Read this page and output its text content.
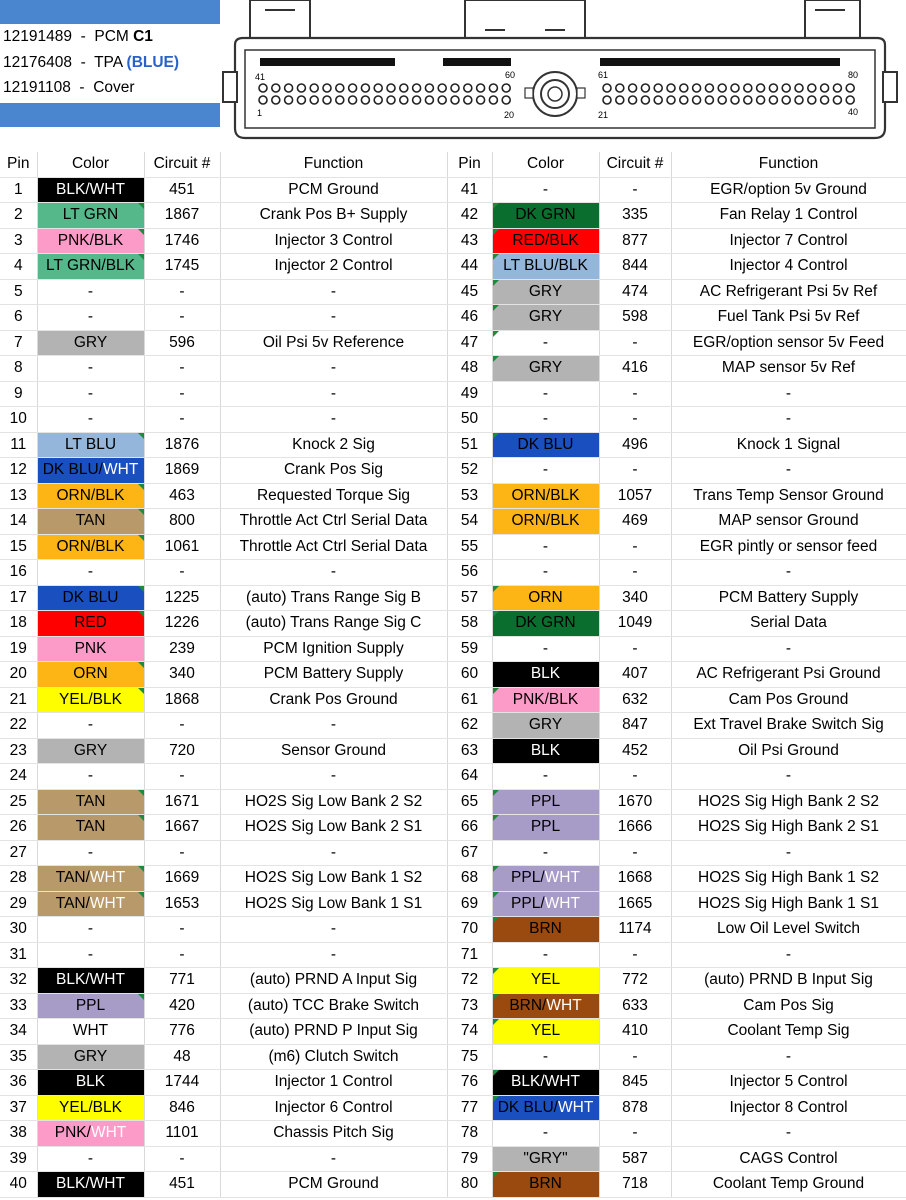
12191489  -  PCM C1
12176408  -  TPA (BLUE)
12191108  -  Cover
41	60
1	20
61	80
21	40
Pin	Color	Circuit #	Function	Pin	Color	Circuit #	Function
1	BLK/WHT	451	PCM Ground	41	-	-	EGR/option 5v Ground
2	LT GRN	1867	Crank Pos B+ Supply	42	DK GRN	335	Fan Relay 1 Control
3	PNK/BLK	1746	Injector 3 Control	43	RED/BLK	877	Injector 7 Control
4	LT GRN/BLK	1745	Injector 2 Control	44	LT BLU/BLK	844	Injector 4 Control
5	-	-	-	45	GRY	474	AC Refrigerant Psi 5v Ref
6	-	-	-	46	GRY	598	Fuel Tank Psi 5v Ref
7	GRY	596	Oil Psi 5v Reference	47	-	-	EGR/option sensor 5v Feed
8	-	-	-	48	GRY	416	MAP sensor 5v Ref
9	-	-	-	49	-	-	-
10	-	-	-	50	-	-	-
11	LT BLU	1876	Knock 2 Sig	51	DK BLU	496	Knock 1 Signal
12	DK BLU/WHT	1869	Crank Pos Sig	52	-	-	-
13	ORN/BLK	463	Requested Torque Sig	53	ORN/BLK	1057	Trans Temp Sensor Ground
14	TAN	800	Throttle Act Ctrl Serial Data	54	ORN/BLK	469	MAP sensor Ground
15	ORN/BLK	1061	Throttle Act Ctrl Serial Data	55	-	-	EGR pintly or sensor feed
16	-	-	-	56	-	-	-
17	DK BLU	1225	(auto) Trans Range Sig B	57	ORN	340	PCM Battery Supply
18	RED	1226	(auto) Trans Range Sig C	58	DK GRN	1049	Serial Data
19	PNK	239	PCM Ignition Supply	59	-	-	-
20	ORN	340	PCM Battery Supply	60	BLK	407	AC Refrigerant Psi Ground
21	YEL/BLK	1868	Crank Pos Ground	61	PNK/BLK	632	Cam Pos Ground
22	-	-	-	62	GRY	847	Ext Travel Brake Switch Sig
23	GRY	720	Sensor Ground	63	BLK	452	Oil Psi Ground
24	-	-	-	64	-	-	-
25	TAN	1671	HO2S Sig Low Bank 2 S2	65	PPL	1670	HO2S Sig High Bank 2 S2
26	TAN	1667	HO2S Sig Low Bank 2 S1	66	PPL	1666	HO2S Sig High Bank 2 S1
27	-	-	-	67	-	-	-
28	TAN/WHT	1669	HO2S Sig Low Bank 1 S2	68	PPL/WHT	1668	HO2S Sig High Bank 1 S2
29	TAN/WHT	1653	HO2S Sig Low Bank 1 S1	69	PPL/WHT	1665	HO2S Sig High Bank 1 S1
30	-	-	-	70	BRN	1174	Low Oil Level Switch
31	-	-	-	71	-	-	-
32	BLK/WHT	771	(auto) PRND A Input Sig	72	YEL	772	(auto) PRND B Input Sig
33	PPL	420	(auto) TCC Brake Switch	73	BRN/WHT	633	Cam Pos Sig
34	WHT	776	(auto) PRND P Input Sig	74	YEL	410	Coolant Temp Sig
35	GRY	48	(m6) Clutch Switch	75	-	-	-
36	BLK	1744	Injector 1 Control	76	BLK/WHT	845	Injector 5 Control
37	YEL/BLK	846	Injector 6 Control	77	DK BLU/WHT	878	Injector 8 Control
38	PNK/WHT	1101	Chassis Pitch Sig	78	-	-	-
39	-	-	-	79	"GRY"	587	CAGS Control
40	BLK/WHT	451	PCM Ground	80	BRN	718	Coolant Temp Ground
